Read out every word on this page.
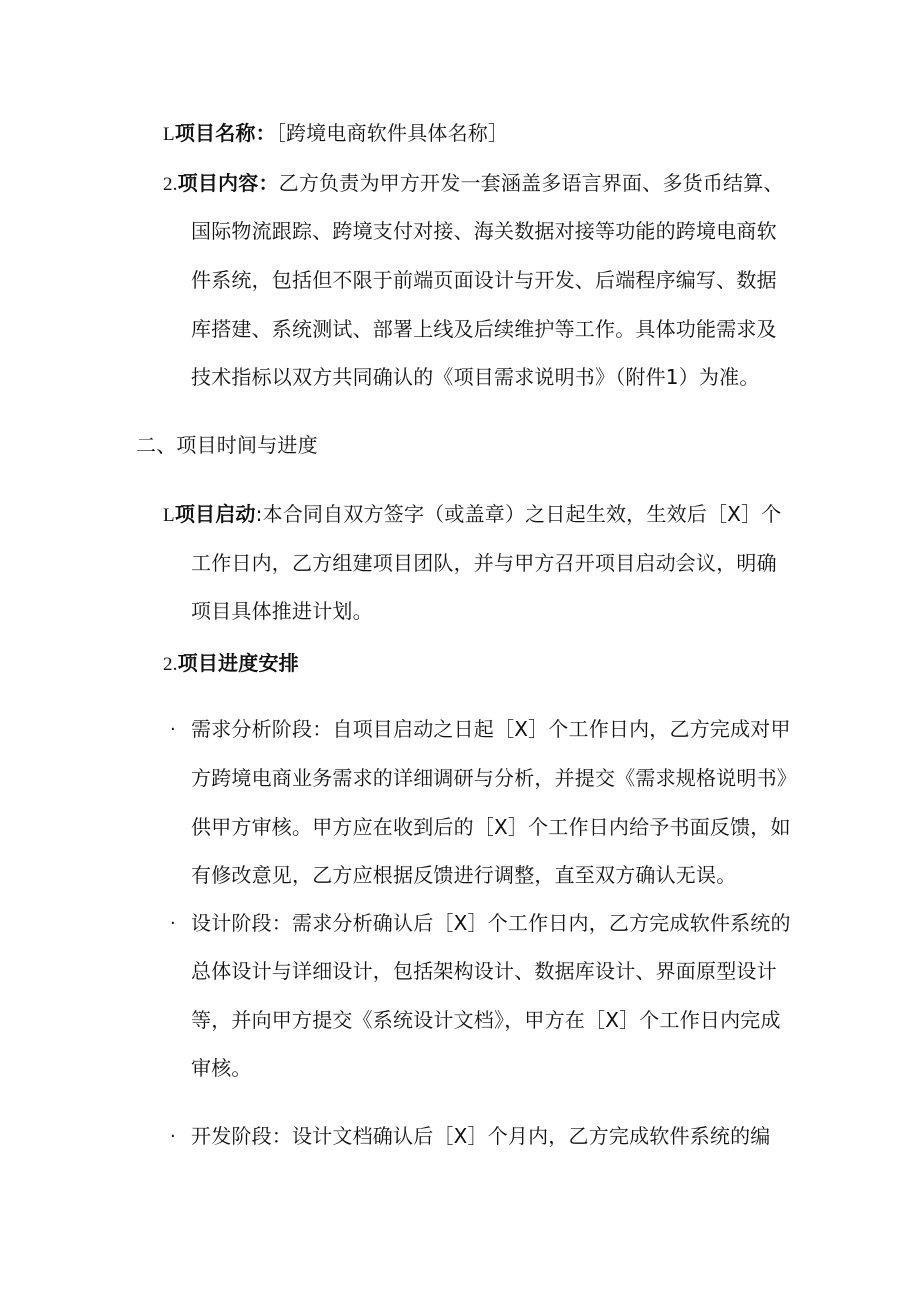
L项目名称：［跨境电商软件具体名称］
2.项目内容：乙方负责为甲方开发一套涵盖多语言界面、多货币结算、
国际物流跟踪、跨境支付对接、海关数据对接等功能的跨境电商软
件系统，包括但不限于前端页面设计与开发、后端程序编写、数据
库搭建、系统测试、部署上线及后续维护等工作。具体功能需求及
技术指标以双方共同确认的《项目需求说明书》（附件1）为准。
二、项目时间与进度
L项目启动:本合同自双方签字（或盖章）之日起生效，生效后［X］个
工作日内，乙方组建项目团队，并与甲方召开项目启动会议，明确
项目具体推进计划。
2.项目进度安排
· 需求分析阶段：自项目启动之日起［X］个工作日内，乙方完成对甲
方跨境电商业务需求的详细调研与分析，并提交《需求规格说明书》
供甲方审核。甲方应在收到后的［X］个工作日内给予书面反馈，如
有修改意见，乙方应根据反馈进行调整，直至双方确认无误。
· 设计阶段：需求分析确认后［X］个工作日内，乙方完成软件系统的
总体设计与详细设计，包括架构设计、数据库设计、界面原型设计
等，并向甲方提交《系统设计文档》，甲方在［X］个工作日内完成
审核。
· 开发阶段：设计文档确认后［X］个月内，乙方完成软件系统的编
